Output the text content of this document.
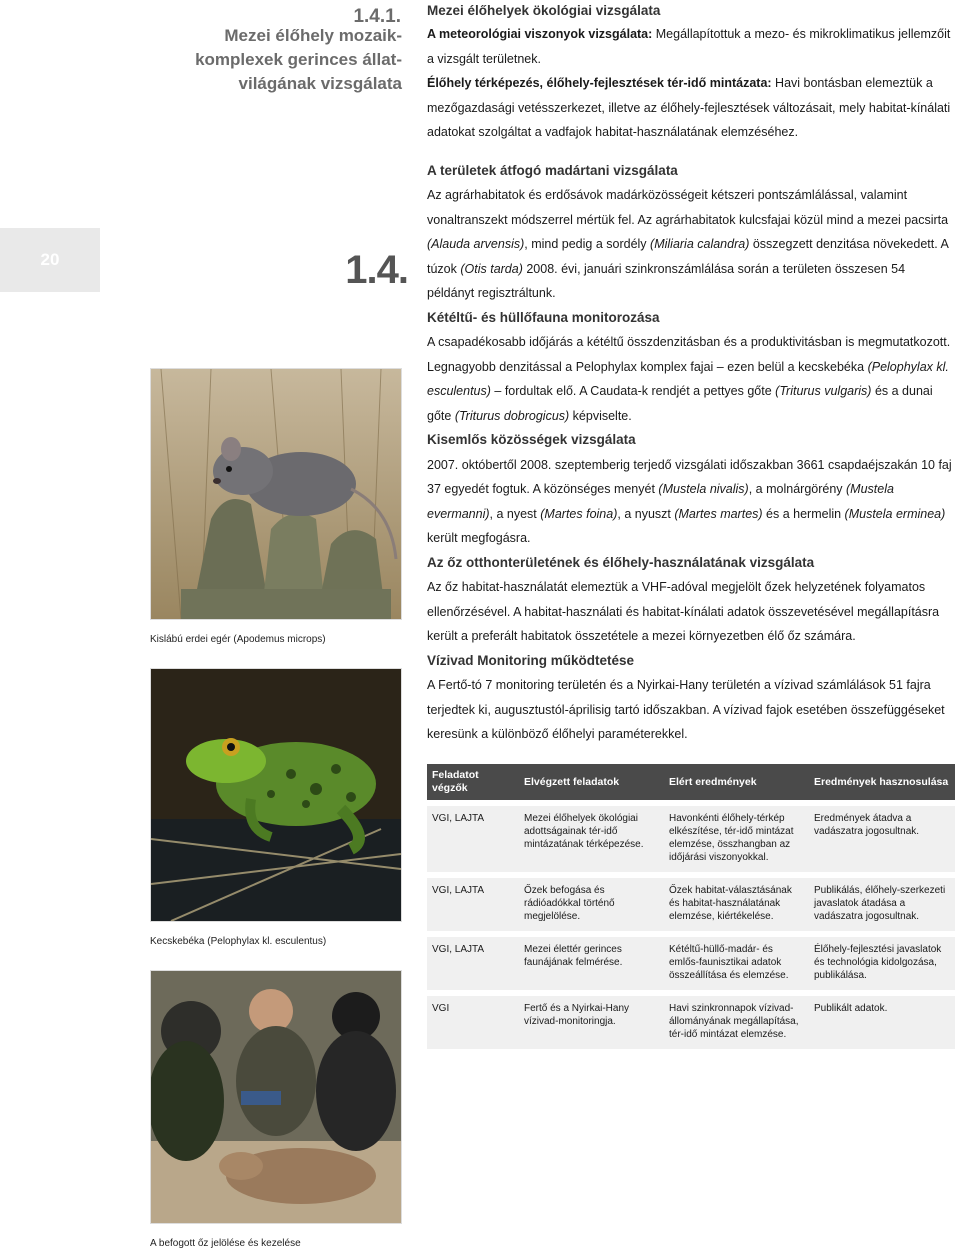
20
1.4.1.
Mezei élőhely mozaik-
komplexek gerinces állat-
világának vizsgálata
1.4.
Kislábú erdei egér (Apodemus microps)
Kecskebéka (Pelophylax kl. esculentus)
A befogott őz jelölése és kezelése

Mezei élőhelyek ökológiai vizsgálata

A meteorológiai viszonyok vizsgálata: Megállapítottuk a mezo- és mikroklimatikus jellemzőit a vizsgált területnek.

Élőhely térképezés, élőhely-fejlesztések tér-idő mintázata: Havi bontásban elemeztük a mezőgazdasági vetésszerkezet, illetve az élőhely-fejlesztések változásait, mely habitat-kínálati adatokat szolgáltat a vadfajok habitat-használatának elemzéséhez.

A területek átfogó madártani vizsgálata

Az agrárhabitatok és erdősávok madárközösségeit kétszeri pontszámlálással, valamint vonaltranszekt módszerrel mértük fel. Az agrárhabitatok kulcsfajai közül mind a mezei pacsirta (Alauda arvensis), mind pedig a sordély (Miliaria calandra) összegzett denzitása növekedett. A túzok (Otis tarda) 2008. évi, januári szinkronszámlálása során a területen összesen 54 példányt regisztráltunk.

Kétéltű- és hüllőfauna monitorozása

A csapadékosabb időjárás a kétéltű összdenzitásban és a produktivitásban is megmutatkozott. Legnagyobb denzitással a Pelophylax komplex fajai – ezen belül a kecskebéka (Pelophylax kl. esculentus) – fordultak elő. A Caudata-k rendjét a pettyes gőte (Triturus vulgaris) és a dunai gőte (Triturus dobrogicus) képviselte.

Kisemlős közösségek vizsgálata

2007. októbertől 2008. szeptemberig terjedő vizsgálati időszakban 3661 csapdaéjszakán 10 faj 37 egyedét fogtuk. A közönséges menyét (Mustela nivalis), a molnárgörény (Mustela evermanni), a nyest (Martes foina), a nyuszt (Martes martes) és a hermelin (Mustela erminea) került megfogásra.

Az őz otthonterületének és élőhely-használatának vizsgálata

Az őz habitat-használatát elemeztük a VHF-adóval megjelölt őzek helyzetének folyamatos ellenőrzésével. A habitat-használati és habitat-kínálati adatok összevetésével megállapításra került a preferált habitatok összetétele a mezei környezetben élő őz számára.

Vízivad Monitoring működtetése

A Fertő-tó 7 monitoring területén és a Nyirkai-Hany területén a vízivad számlálások 51 fajra terjedtek ki, augusztustól-áprilisig tartó időszakban. A vízivad fajok esetében összefüggéseket keresünk a különböző élőhelyi paraméterekkel.

Feladatot végzők	Elvégzett feladatok	Elért eredmények	Eredmények hasznosulása
VGI, LAJTA	Mezei élőhelyek ökológiai adottságainak tér-idő mintázatának térképezése.	Havonkénti élőhely-térkép elkészítése, tér-idő mintázat elemzése, összhangban az időjárási viszonyokkal.	Eredmények átadva a vadászatra jogosultnak.
VGI, LAJTA	Őzek befogása és rádióadókkal történő megjelölése.	Őzek habitat-választásának és habitat-használatának elemzése, kiértékelése.	Publikálás, élőhely-szerkezeti javaslatok átadása a vadászatra jogosultnak.
VGI, LAJTA	Mezei élettér gerinces faunájának felmérése.	Kétéltű-hüllő-madár- és emlős-faunisztikai adatok összeállítása és elemzése.	Élőhely-fejlesztési javaslatok és technológia kidolgozása, publikálása.
VGI	Fertő és a Nyirkai-Hany vízivad-monitoringja.	Havi szinkronnapok vízivad-állományának megállapítása, tér-idő mintázat elemzése.	Publikált adatok.
